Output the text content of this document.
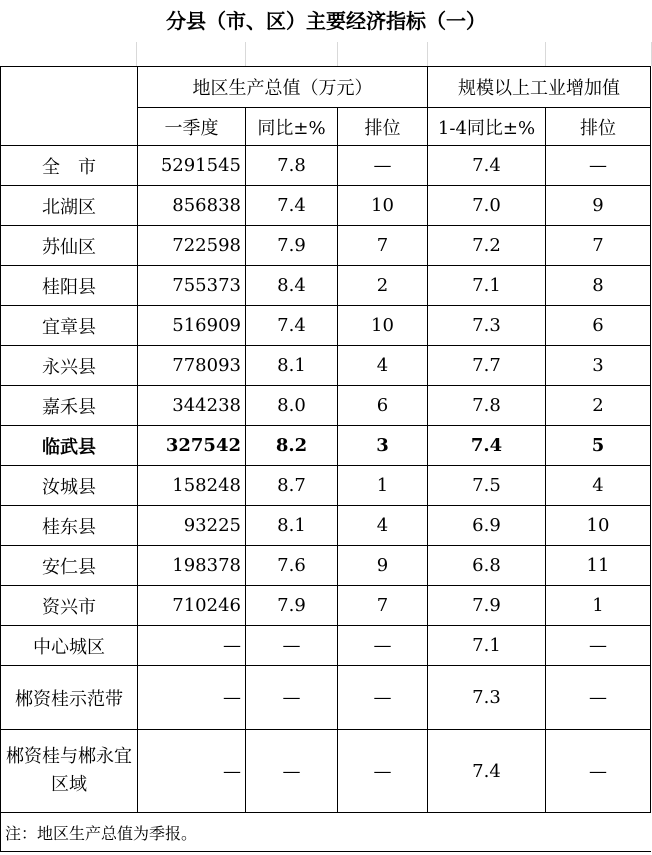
分县（市、区）主要经济指标（一）
	地区生产总值（万元）			规模以上工业增加值	
	一季度	同比±%	排位	1-4同比±%	排位
全　市	5291545	7.8	—	7.4	—
北湖区	856838	7.4	10	7.0	9
苏仙区	722598	7.9	7	7.2	7
桂阳县	755373	8.4	2	7.1	8
宜章县	516909	7.4	10	7.3	6
永兴县	778093	8.1	4	7.7	3
嘉禾县	344238	8.0	6	7.8	2
临武县	327542	8.2	3	7.4	5
汝城县	158248	8.7	1	7.5	4
桂东县	93225	8.1	4	6.9	10
安仁县	198378	7.6	9	6.8	11
资兴市	710246	7.9	7	7.9	1
中心城区	—	—	—	7.1	—
郴资桂示范带	—	—	—	7.3	—
郴资桂与郴永宜区域	—	—	—	7.4	—
注：地区生产总值为季报。					
